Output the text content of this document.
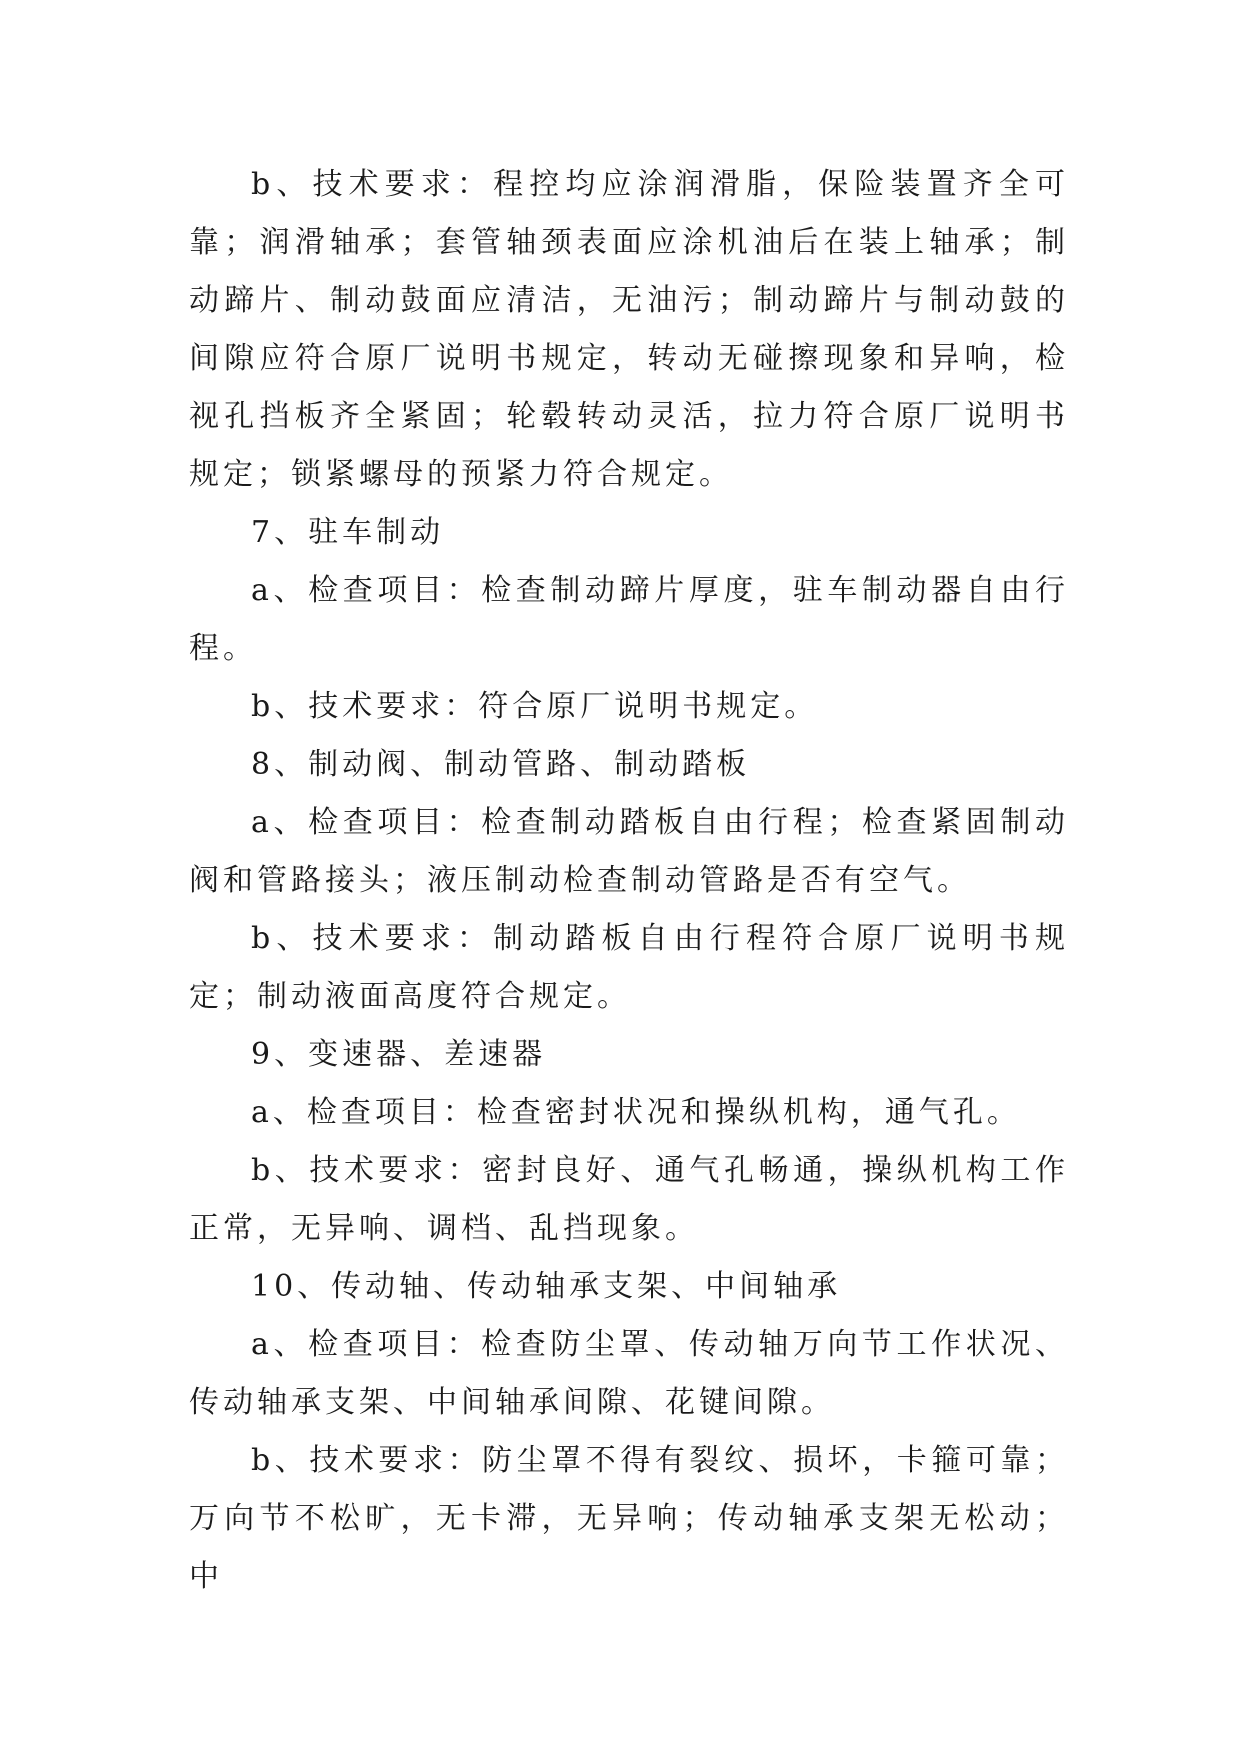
b、技术要求：程控均应涂润滑脂，保险装置齐全可靠；润滑轴承；套管轴颈表面应涂机油后在装上轴承；制动蹄片、制动鼓面应清洁，无油污；制动蹄片与制动鼓的间隙应符合原厂说明书规定，转动无碰擦现象和异响，检视孔挡板齐全紧固；轮毂转动灵活，拉力符合原厂说明书规定；锁紧螺母的预紧力符合规定。

7、驻车制动

a、检查项目：检查制动蹄片厚度，驻车制动器自由行程。

b、技术要求：符合原厂说明书规定。

8、制动阀、制动管路、制动踏板

a、检查项目：检查制动踏板自由行程；检查紧固制动阀和管路接头；液压制动检查制动管路是否有空气。

b、技术要求：制动踏板自由行程符合原厂说明书规定；制动液面高度符合规定。

9、变速器、差速器

a、检查项目：检查密封状况和操纵机构，通气孔。

b、技术要求：密封良好、通气孔畅通，操纵机构工作正常，无异响、调档、乱挡现象。

10、传动轴、传动轴承支架、中间轴承

a、检查项目：检查防尘罩、传动轴万向节工作状况、传动轴承支架、中间轴承间隙、花键间隙。

b、技术要求：防尘罩不得有裂纹、损坏，卡箍可靠；万向节不松旷，无卡滞，无异响；传动轴承支架无松动；中
